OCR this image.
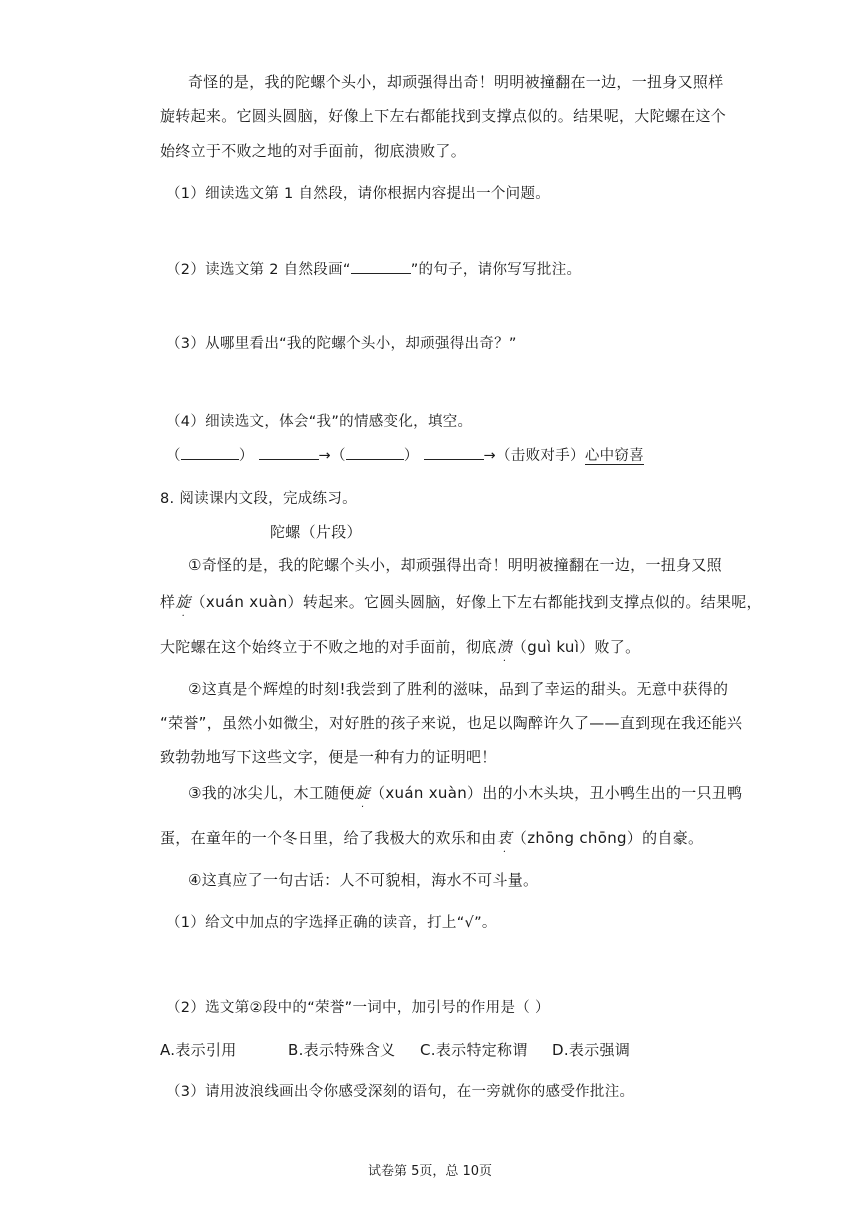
奇怪的是，我的陀螺个头小，却顽强得出奇！明明被撞翻在一边，一扭身又照样
旋转起来。它圆头圆脑，好像上下左右都能找到支撑点似的。结果呢，大陀螺在这个
始终立于不败之地的对手面前，彻底溃败了。
（1）细读选文第 1 自然段，请你根据内容提出一个问题。
（2）读选文第 2 自然段画“	”的句子，请你写写批注。
（3）从哪里看出“我的陀螺个头小，却顽强得出奇？”
（4）细读选文，体会“我”的情感变化，填空。
（	）	→（	）	→（击败对手）心中窃喜
8. 阅读课内文段，完成练习。
陀螺（片段）
①奇怪的是，我的陀螺个头小，却顽强得出奇！明明被撞翻在一边，一扭身又照
样旋（xuán xuàn）转起来。它圆头圆脑，好像上下左右都能找到支撑点似的。结果呢，
大陀螺在这个始终立于不败之地的对手面前，彻底溃（guì kuì）败了。
②这真是个辉煌的时刻!我尝到了胜利的滋味，品到了幸运的甜头。无意中获得的
“荣誉”，虽然小如微尘，对好胜的孩子来说，也足以陶醉许久了——直到现在我还能兴
致勃勃地写下这些文字，便是一种有力的证明吧！
③我的冰尖儿，木工随便旋（xuán xuàn）出的小木头块，丑小鸭生出的一只丑鸭
蛋，在童年的一个冬日里，给了我极大的欢乐和由衷（zhōng chōng）的自豪。
④这真应了一句古话：人不可貌相，海水不可斗量。
（1）给文中加点的字选择正确的读音，打上“√”。
（2）选文第②段中的“荣誉”一词中，加引号的作用是（ ）
A.表示引用	B.表示特殊含义 C.表示特定称谓 D.表示强调
（3）请用波浪线画出令你感受深刻的语句，在一旁就你的感受作批注。
试卷第 5页，总 10页
